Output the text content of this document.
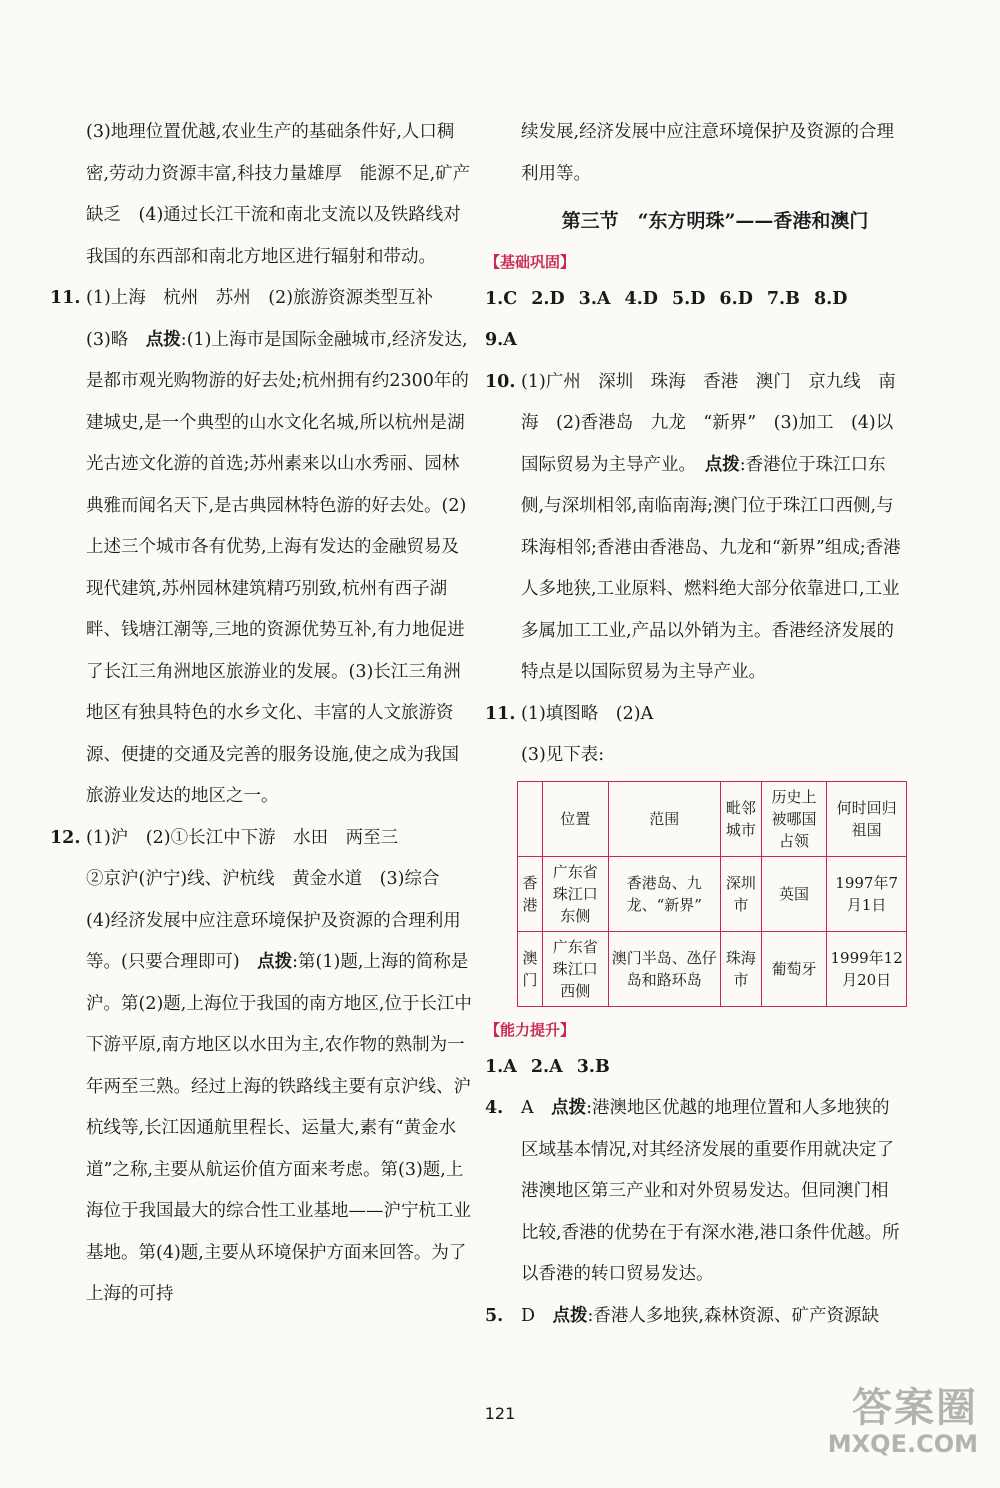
(3)地理位置优越,农业生产的基础条件好,人口稠密,劳动力资源丰富,科技力量雄厚　能源不足,矿产缺乏　(4)通过长江干流和南北支流以及铁路线对我国的东西部和南北方地区进行辐射和带动。

11. (1)上海　杭州　苏州　(2)旅游资源类型互补

(3)略　点拨:(1)上海市是国际金融城市,经济发达,是都市观光购物游的好去处;杭州拥有约2300年的建城史,是一个典型的山水文化名城,所以杭州是湖光古迹文化游的首选;苏州素来以山水秀丽、园林典雅而闻名天下,是古典园林特色游的好去处。(2)上述三个城市各有优势,上海有发达的金融贸易及现代建筑,苏州园林建筑精巧别致,杭州有西子湖畔、钱塘江潮等,三地的资源优势互补,有力地促进了长江三角洲地区旅游业的发展。(3)长江三角洲地区有独具特色的水乡文化、丰富的人文旅游资源、便捷的交通及完善的服务设施,使之成为我国旅游业发达的地区之一。

12. (1)沪　(2)①长江中下游　水田　两至三

②京沪(沪宁)线、沪杭线　黄金水道　(3)综合

(4)经济发展中应注意环境保护及资源的合理利用等。(只要合理即可)　点拨:第(1)题,上海的简称是沪。第(2)题,上海位于我国的南方地区,位于长江中下游平原,南方地区以水田为主,农作物的熟制为一年两至三熟。经过上海的铁路线主要有京沪线、沪杭线等,长江因通航里程长、运量大,素有“黄金水道”之称,主要从航运价值方面来考虑。第(3)题,上海位于我国最大的综合性工业基地——沪宁杭工业基地。第(4)题,主要从环境保护方面来回答。为了上海的可持

续发展,经济发展中应注意环境保护及资源的合理利用等。

第三节　“东方明珠”——香港和澳门
【基础巩固】

1.C 2.D 3.A 4.D 5.D 6.D 7.B 8.D

9.A

10. (1)广州　深圳　珠海　香港　澳门　京九线　南海　(2)香港岛　九龙　“新界”　(3)加工　(4)以国际贸易为主导产业。　点拨:香港位于珠江口东侧,与深圳相邻,南临南海;澳门位于珠江口西侧,与珠海相邻;香港由香港岛、九龙和“新界”组成;香港人多地狭,工业原料、燃料绝大部分依靠进口,工业多属加工工业,产品以外销为主。香港经济发展的特点是以国际贸易为主导产业。

11. (1)填图略　(2)A

(3)见下表:

	位置	范围	毗邻城市	历史上被哪国占领	何时回归祖国
香港	广东省珠江口东侧	香港岛、九龙、“新界”	深圳市	英国	1997年7月1日
澳门	广东省珠江口西侧	澳门半岛、氹仔岛和路环岛	珠海市	葡萄牙	1999年12月20日
【能力提升】

1.A 2.A 3.B

4. A　点拨:港澳地区优越的地理位置和人多地狭的区域基本情况,对其经济发展的重要作用就决定了港澳地区第三产业和对外贸易发达。但同澳门相比较,香港的优势在于有深水港,港口条件优越。所以香港的转口贸易发达。

5. D　点拨:香港人多地狭,森林资源、矿产资源缺

121	答案圈
MXQE.COM
